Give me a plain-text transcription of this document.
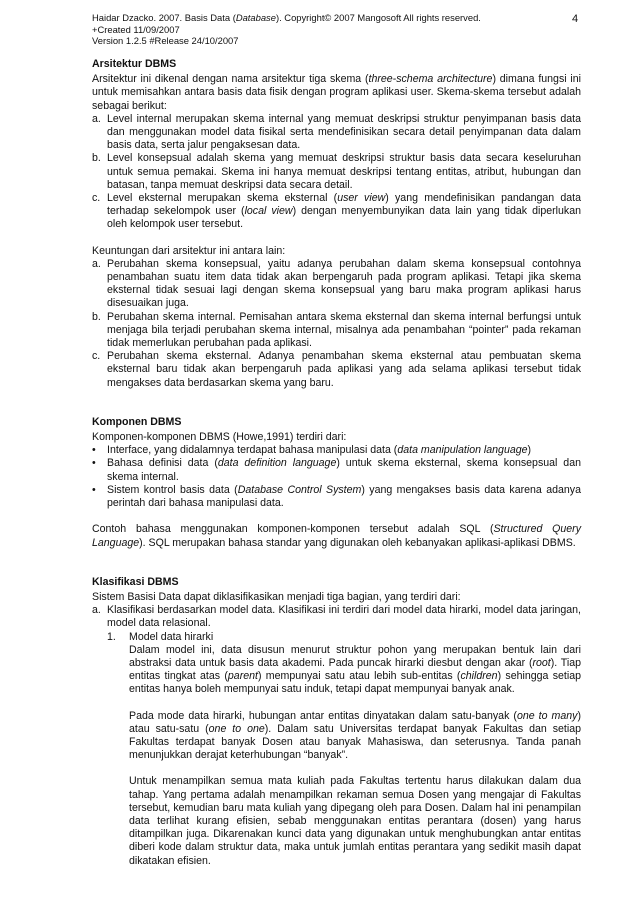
Haidar Dzacko. 2007. Basis Data (Database). Copyright© 2007 Mangosoft All rights reserved.
+Created 11/09/2007
Version 1.2.5 #Release 24/10/2007
4
Arsitektur DBMS
Arsitektur ini dikenal dengan nama arsitektur tiga skema (three-schema architecture) dimana fungsi ini untuk memisahkan antara basis data fisik dengan program aplikasi user. Skema-skema tersebut adalah sebagai berikut:
a. Level internal merupakan skema internal yang memuat deskripsi struktur penyimpanan basis data dan menggunakan model data fisikal serta mendefinisikan secara detail penyimpanan data dalam basis data, serta jalur pengaksesan data.
b. Level konsepsual adalah skema yang memuat deskripsi struktur basis data secara keseluruhan untuk semua pemakai. Skema ini hanya memuat deskripsi tentang entitas, atribut, hubungan dan batasan, tanpa memuat deskripsi data secara detail.
c. Level eksternal merupakan skema eksternal (user view) yang mendefinisikan pandangan data terhadap sekelompok user (local view) dengan menyembunyikan data lain yang tidak diperlukan oleh kelompok user tersebut.
Keuntungan dari arsitektur ini antara lain:
a. Perubahan skema konsepsual, yaitu adanya perubahan dalam skema konsepsual contohnya penambahan suatu item data tidak akan berpengaruh pada program aplikasi. Tetapi jika skema eksternal tidak sesuai lagi dengan skema konsepsual yang baru maka program aplikasi harus disesuaikan juga.
b. Perubahan skema internal. Pemisahan antara skema eksternal dan skema internal berfungsi untuk menjaga bila terjadi perubahan skema internal, misalnya ada penambahan “pointer” pada rekaman tidak memerlukan perubahan pada aplikasi.
c. Perubahan skema eksternal. Adanya penambahan skema eksternal atau pembuatan skema eksternal baru tidak akan berpengaruh pada aplikasi yang ada selama aplikasi tersebut tidak mengakses data berdasarkan skema yang baru.
Komponen DBMS
Komponen-komponen DBMS (Howe,1991) terdiri dari:
• Interface, yang didalamnya terdapat bahasa manipulasi data (data manipulation language)
• Bahasa definisi data (data definition language) untuk skema eksternal, skema konsepsual dan skema internal.
• Sistem kontrol basis data (Database Control System) yang mengakses basis data karena adanya perintah dari bahasa manipulasi data.
Contoh bahasa menggunakan komponen-komponen tersebut adalah SQL (Structured Query Language). SQL merupakan bahasa standar yang digunakan oleh kebanyakan aplikasi-aplikasi DBMS.
Klasifikasi DBMS
Sistem Basisi Data dapat diklasifikasikan menjadi tiga bagian, yang terdiri dari:
a. Klasifikasi berdasarkan model data. Klasifikasi ini terdiri dari model data hirarki, model data jaringan, model data relasional.
1. Model data hirarki
Dalam model ini, data disusun menurut struktur pohon yang merupakan bentuk lain dari abstraksi data untuk basis data akademi. Pada puncak hirarki diesbut dengan akar (root). Tiap entitas tingkat atas (parent) mempunyai satu atau lebih sub-entitas (children) sehingga setiap entitas hanya boleh mempunyai satu induk, tetapi dapat mempunyai banyak anak.
Pada mode data hirarki, hubungan antar entitas dinyatakan dalam satu-banyak (one to many) atau satu-satu (one to one). Dalam satu Universitas terdapat banyak Fakultas dan setiap Fakultas terdapat banyak Dosen atau banyak Mahasiswa, dan seterusnya. Tanda panah menunjukkan derajat keterhubungan “banyak”.
Untuk menampilkan semua mata kuliah pada Fakultas tertentu harus dilakukan dalam dua tahap. Yang pertama adalah menampilkan rekaman semua Dosen yang mengajar di Fakultas tersebut, kemudian baru mata kuliah yang dipegang oleh para Dosen. Dalam hal ini penampilan data terlihat kurang efisien, sebab menggunakan entitas perantara (dosen) yang harus ditampilkan juga. Dikarenakan kunci data yang digunakan untuk menghubungkan antar entitas diberi kode dalam struktur data, maka untuk jumlah entitas perantara yang sedikit masih dapat dikatakan efisien.
